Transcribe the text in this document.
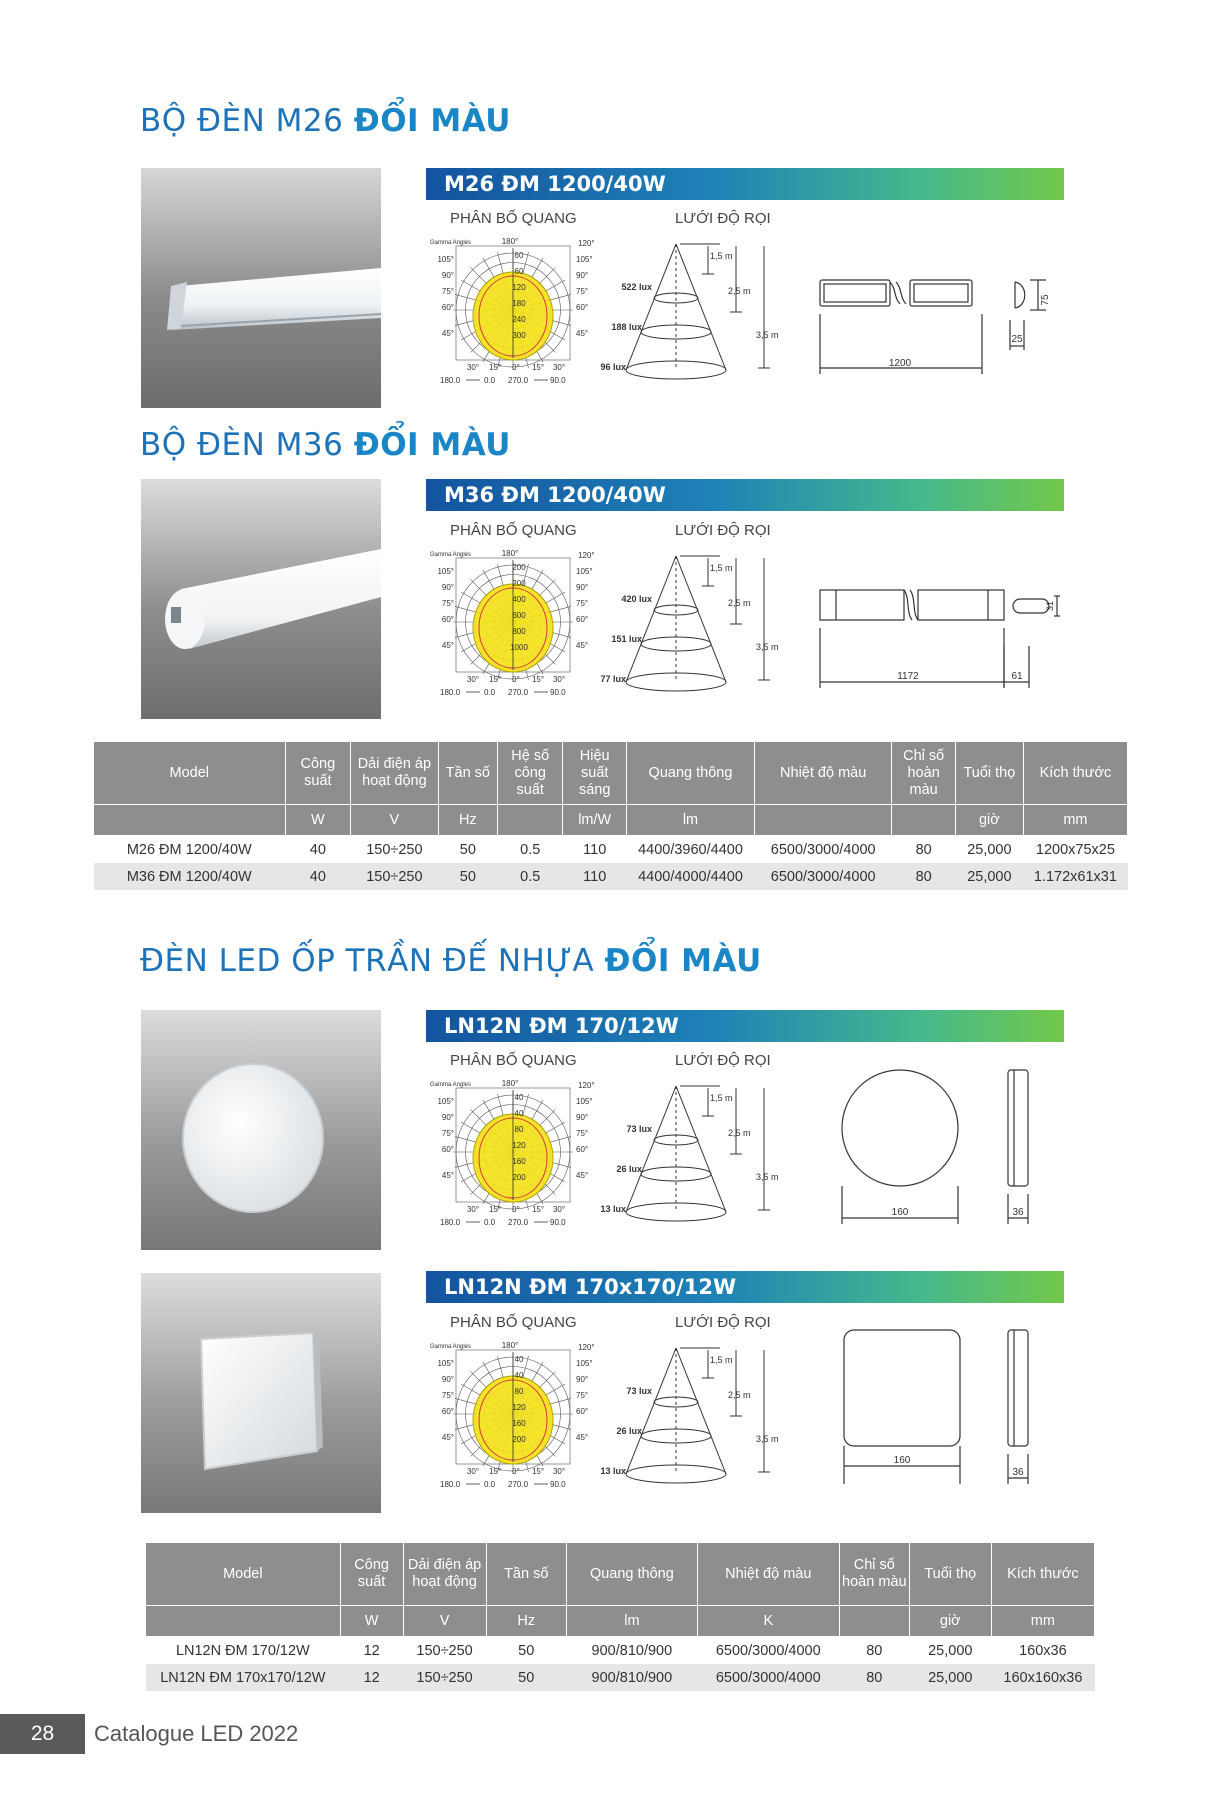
BỘ ĐÈN M26 ĐỔI MÀU
BỘ ĐÈN M36 ĐỔI MÀU
ĐÈN LED ỐP TRẦN ĐẾ NHỰA ĐỔI MÀU
M26 ĐM 1200/40W
M36 ĐM 1200/40W
LN12N ĐM 170/12W
LN12N ĐM 170x170/12W
PHÂN BỐ QUANG	LƯỚI ĐỘ RỌI
PHÂN BỐ QUANG	LƯỚI ĐỘ RỌI
PHÂN BỐ QUANG	LƯỚI ĐỘ RỌI
PHÂN BỐ QUANG	LƯỚI ĐỘ RỌI
60
60
120
180
240
300
Gamma Angles	180°	120°
105°	105°
90°	90°
75°	75°
60°	60°
45°	45°
30° 15° 0° 15° 30°
180.0	0.0 270.0	90.0
200
200
400
600
800
1000
Gamma Angles	180°	120°
105°	105°
90°	90°
75°	75°
60°	60°
45°	45°
30° 15° 0° 15° 30°
180.0	0.0 270.0	90.0
40
40
80
120
160
200
Gamma Angles	180°	120°
105°	105°
90°	90°
75°	75°
60°	60°
45°	45°
30° 15° 0° 15° 30°
180.0	0.0 270.0	90.0
40
40
80
120
160
200
Gamma Angles	180°	120°
105°	105°
90°	90°
75°	75°
60°	60°
45°	45°
30° 15° 0° 15° 30°
180.0	0.0 270.0	90.0
1,5 m
2,5 m
3,5 m
522 lux
188 lux
96 lux
1,5 m
2,5 m
3,5 m
420 lux
151 lux
77 lux
1,5 m
2,5 m
3,5 m
73 lux
26 lux
13 lux
1,5 m
2,5 m
3,5 m
73 lux
26 lux
13 lux
1200
75
25
1172
31
61
160	36
160
36
Model	Công suất	Dải điện áp hoạt động	Tần số	Hệ số công suất	Hiệu suất sáng	Quang thông	Nhiệt độ màu	Chỉ số hoàn màu	Tuổi thọ	Kích thước
	W	V	Hz		lm/W	lm			giờ	mm
M26 ĐM 1200/40W	40	150÷250	50	0.5	110	4400/3960/4400	6500/3000/4000	80	25,000	1200x75x25
M36 ĐM 1200/40W	40	150÷250	50	0.5	110	4400/4000/4400	6500/3000/4000	80	25,000	1.172x61x31
Model	Công suất	Dải điện áp hoạt động	Tần số	Quang thông	Nhiệt độ màu	Chỉ số hoàn màu	Tuổi thọ	Kích thước
	W	V	Hz	lm	K		giờ	mm
LN12N ĐM 170/12W	12	150÷250	50	900/810/900	6500/3000/4000	80	25,000	160x36
LN12N ĐM 170x170/12W	12	150÷250	50	900/810/900	6500/3000/4000	80	25,000	160x160x36
28	Catalogue LED 2022
